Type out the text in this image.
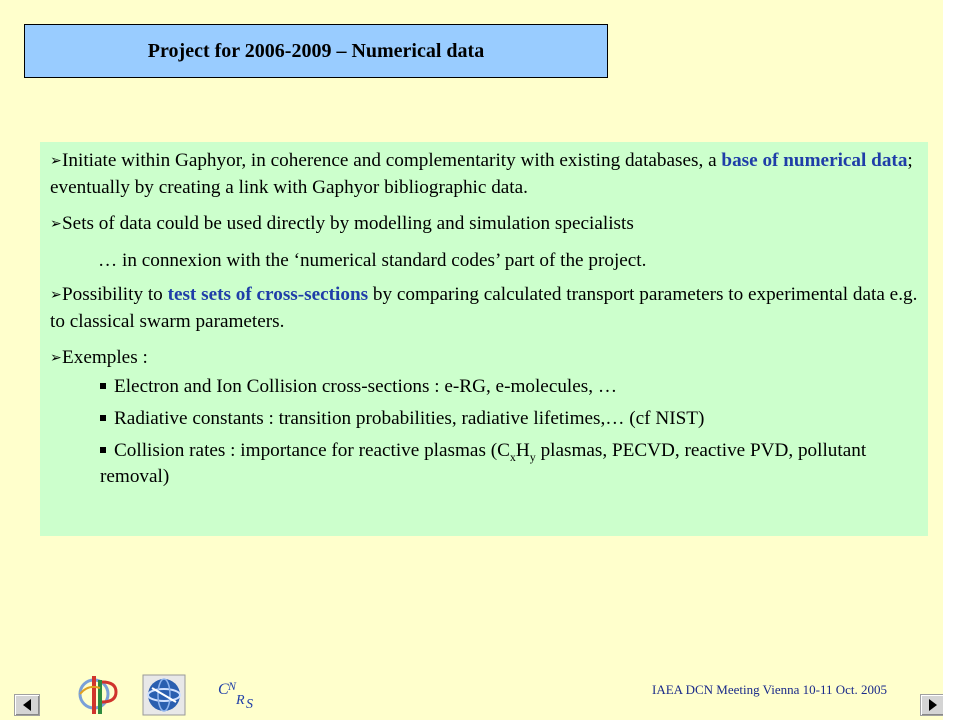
Project for 2006-2009 – Numerical data

➢Initiate within Gaphyor, in coherence and complementarity with existing databases, a base of numerical data; eventually by creating a link with Gaphyor bibliographic data.

➢Sets of data could be used directly by modelling and simulation specialists

… in connexion with the ‘numerical standard codes’ part of the project.

➢Possibility to test sets of cross-sections by comparing calculated transport parameters to experimental data e.g. to classical swarm parameters.

➢Exemples :

Electron and Ion Collision cross-sections : e-RG, e-molecules, …

Radiative constants : transition probabilities, radiative lifetimes,… (cf NIST)

Collision rates : importance for reactive plasmas ($C_xH_y$ plasmas, PECVD, reactive PVD, pollutant removal)

C N
R S
IAEA DCN Meeting Vienna 10-11 Oct. 2005
